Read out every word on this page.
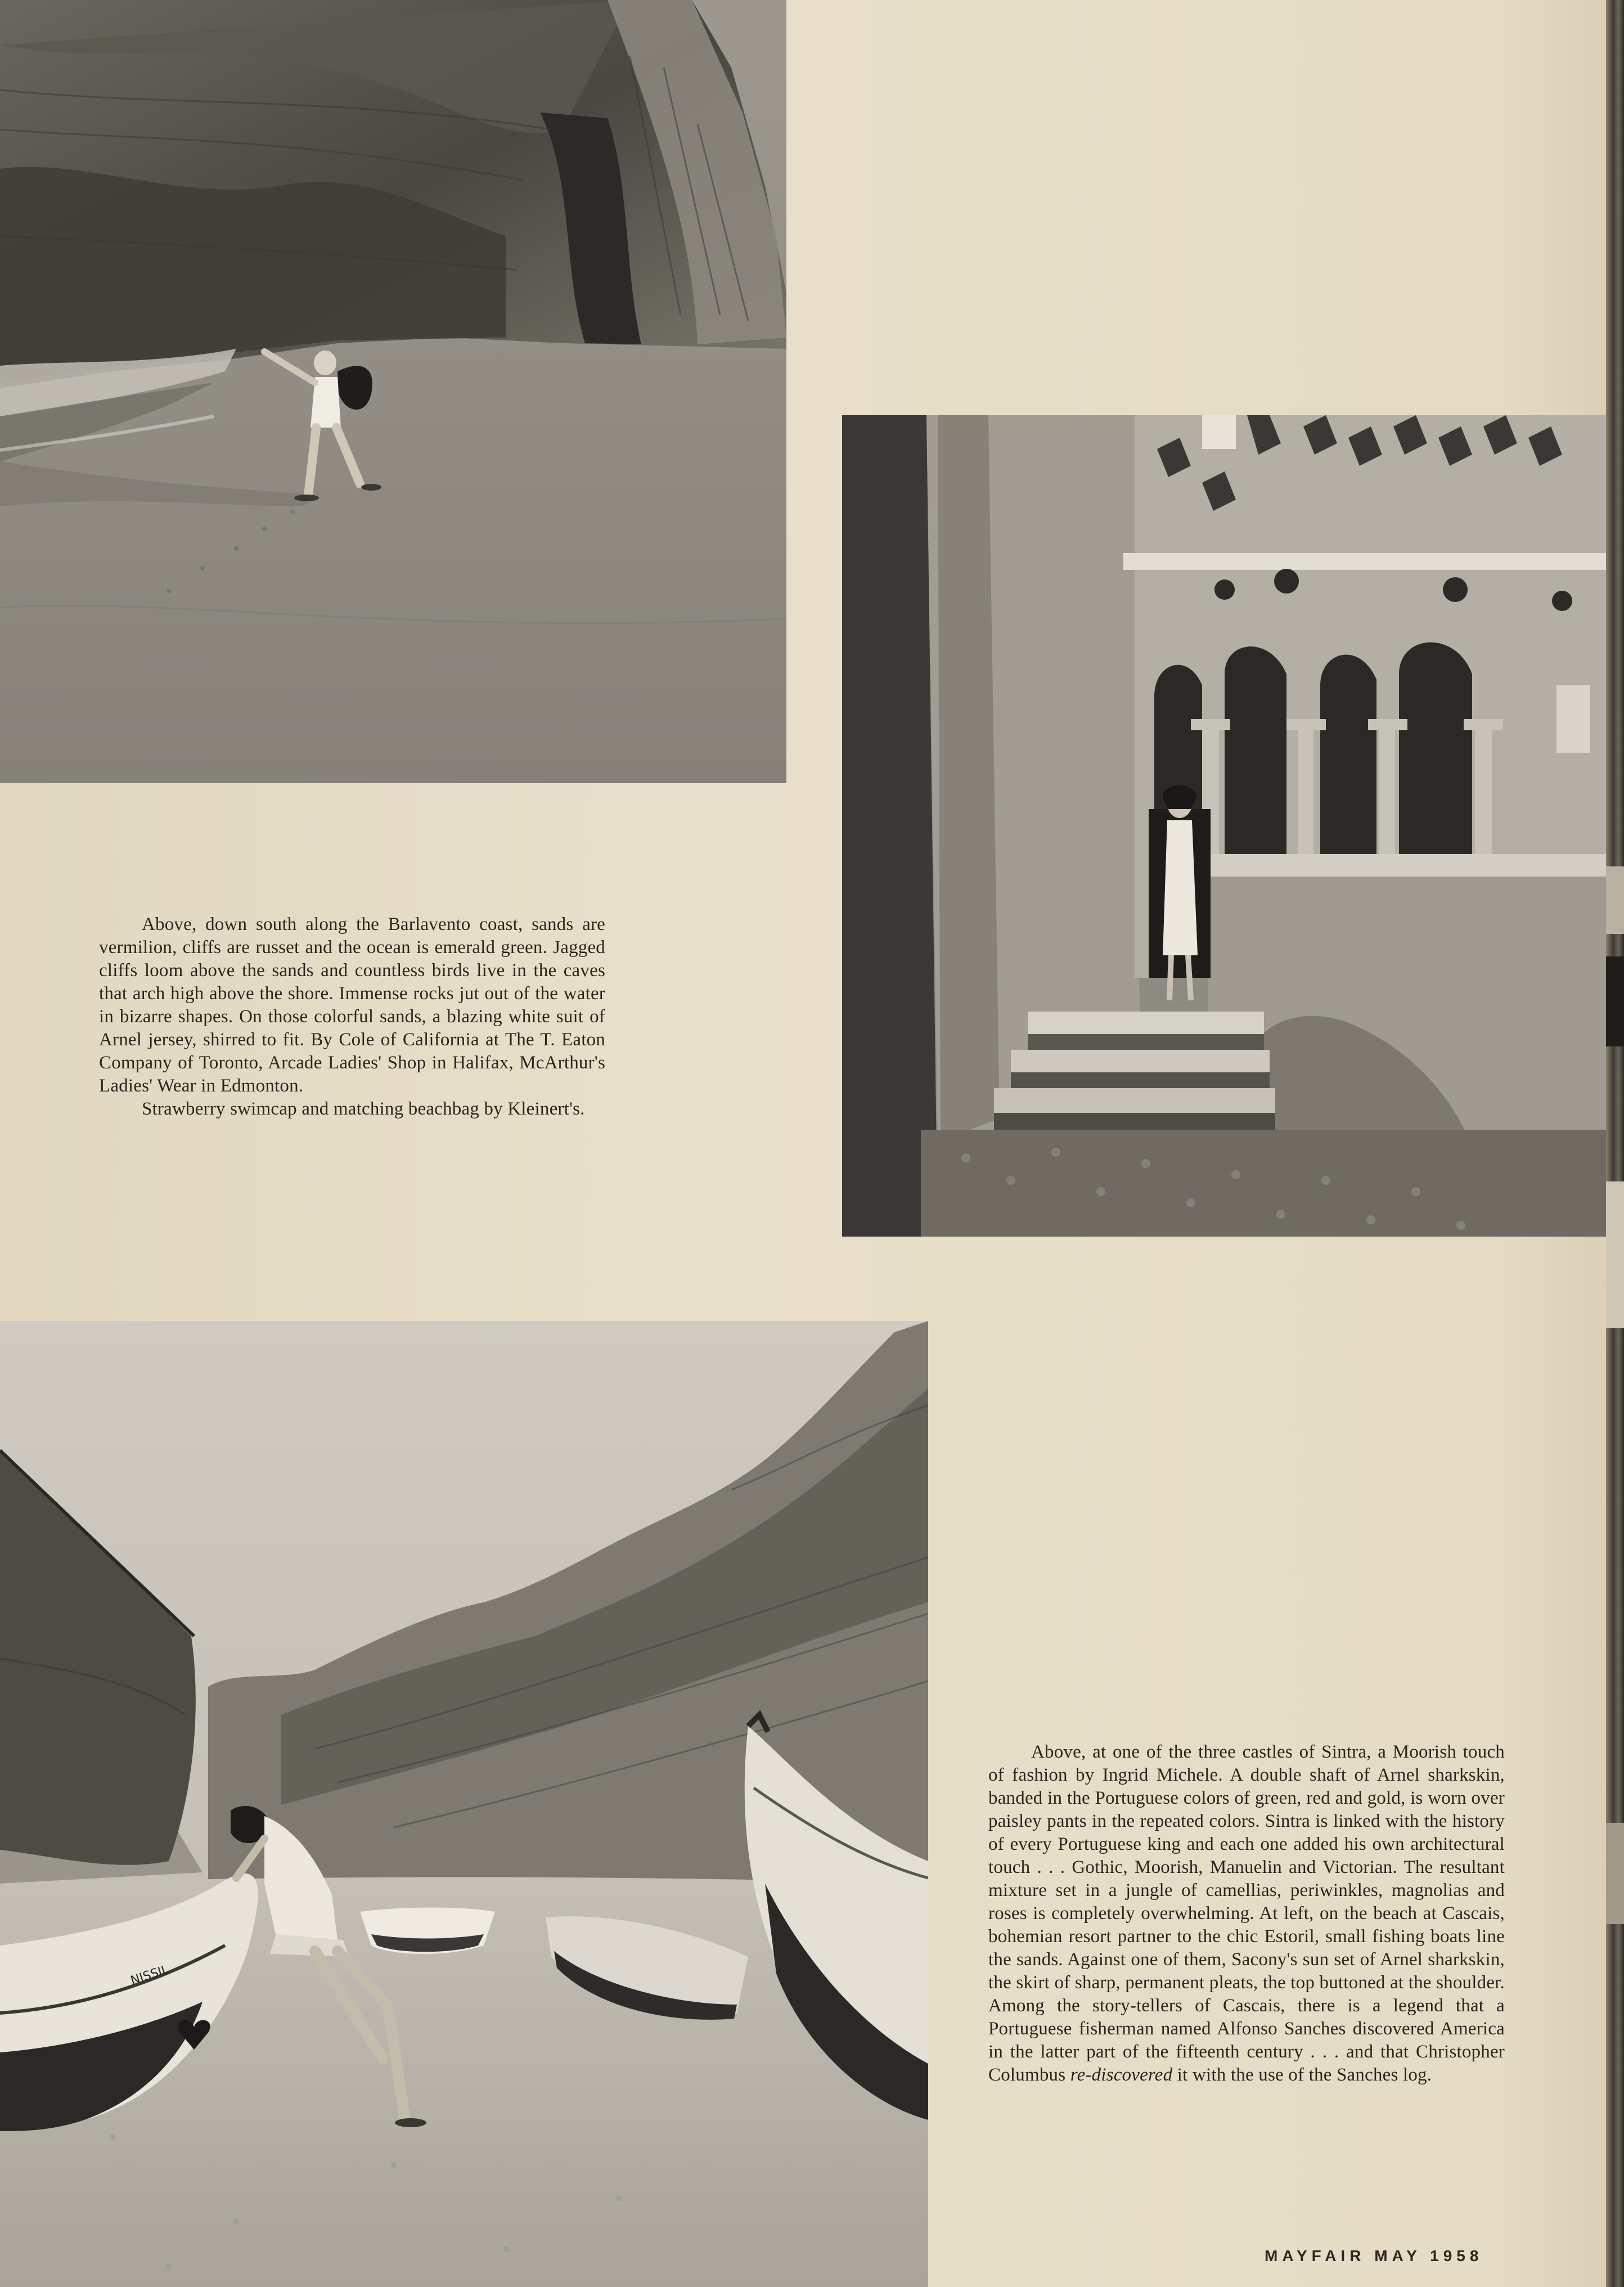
Above, down south along the Barlavento coast, sands are vermilion, cliffs are russet and the ocean is emerald green. Jagged cliffs loom above the sands and countless birds live in the caves that arch high above the shore. Immense rocks jut out of the water in bizarre shapes. On those colorful sands, a blazing white suit of Arnel jersey, shirred to fit. By Cole of California at The T. Eaton Company of Toronto, Arcade Ladies' Shop in Halifax, McArthur's Ladies' Wear in Edmonton.

Strawberry swimcap and matching beachbag by Kleinert's.

NISSIL

Above, at one of the three castles of Sintra, a Moorish touch of fashion by Ingrid Michele. A double shaft of Arnel sharkskin, banded in the Portuguese colors of green, red and gold, is worn over paisley pants in the repeated colors. Sintra is linked with the history of every Portuguese king and each one added his own architectural touch . . . Gothic, Moorish, Manuelin and Victorian. The resultant mixture set in a jungle of camellias, periwinkles, magnolias and roses is completely overwhelming. At left, on the beach at Cascais, bohemian resort partner to the chic Estoril, small fishing boats line the sands. Against one of them, Sacony's sun set of Arnel sharkskin, the skirt of sharp, permanent pleats, the top buttoned at the shoulder. Among the story-tellers of Cascais, there is a legend that a Portuguese fisherman named Alfonso Sanches discovered America in the latter part of the fifteenth century . . . and that Christopher Columbus re-discovered it with the use of the Sanches log.

MAYFAIR MAY 1958
